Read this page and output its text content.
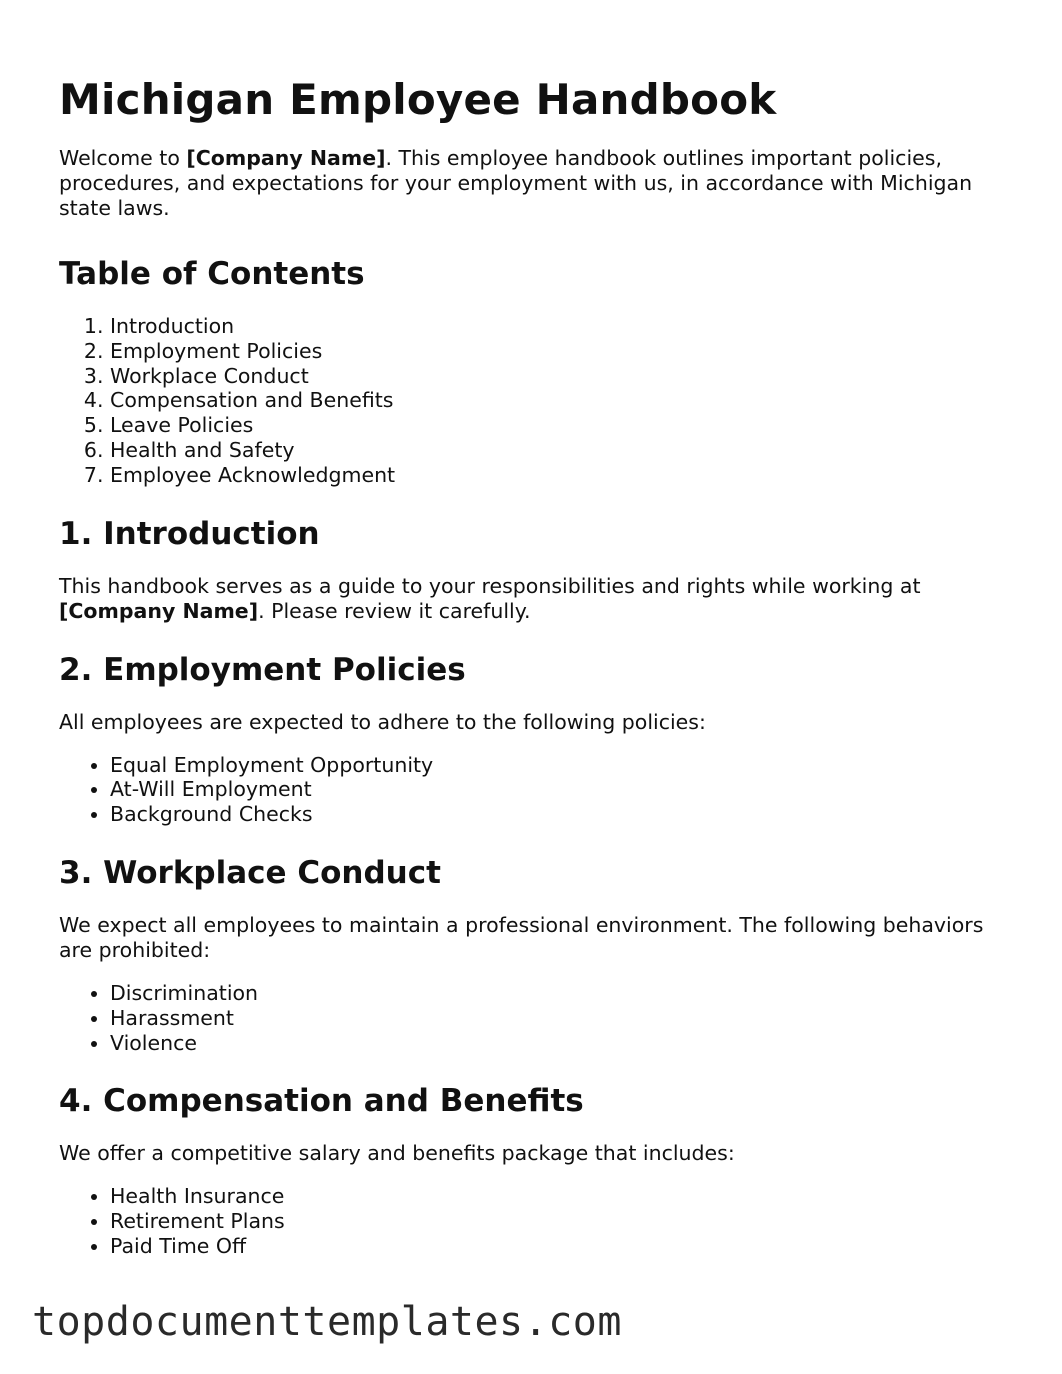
Michigan Employee Handbook

Welcome to [Company Name]. This employee handbook outlines important policies, procedures, and expectations for your employment with us, in accordance with Michigan state laws.

Table of Contents
1. Introduction
2. Employment Policies
3. Workplace Conduct
4. Compensation and Benefits
5. Leave Policies
6. Health and Safety
7. Employee Acknowledgment
1. Introduction

This handbook serves as a guide to your responsibilities and rights while working at [Company Name]. Please review it carefully.

2. Employment Policies

All employees are expected to adhere to the following policies:

• Equal Employment Opportunity
• At-Will Employment
• Background Checks
3. Workplace Conduct

We expect all employees to maintain a professional environment. The following behaviors are prohibited:

• Discrimination
• Harassment
• Violence
4. Compensation and Benefits

We offer a competitive salary and benefits package that includes:

• Health Insurance
• Retirement Plans
• Paid Time Off
topdocumenttemplates.com
